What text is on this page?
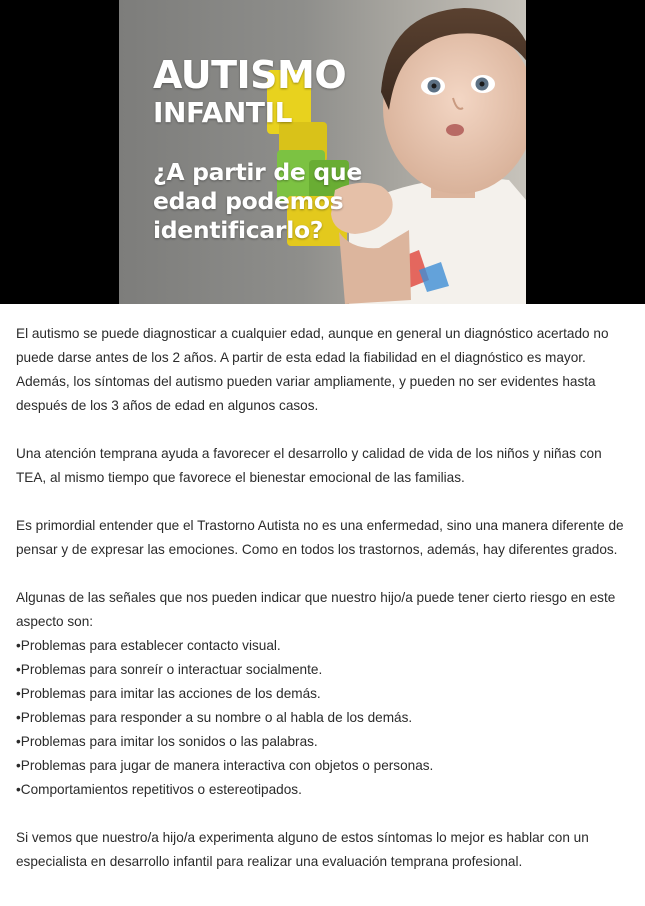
AUTISMO
INFANTIL
¿A partir de que
edad podemos
identificarlo?

El autismo se puede diagnosticar a cualquier edad, aunque en general un diagnóstico acertado no puede darse antes de los 2 años. A partir de esta edad la fiabilidad en el diagnóstico es mayor. Además, los síntomas del autismo pueden variar ampliamente, y pueden no ser evidentes hasta después de los 3 años de edad en algunos casos.

Una atención temprana ayuda a favorecer el desarrollo y calidad de vida de los niños y niñas con TEA, al mismo tiempo que favorece el bienestar emocional de las familias.

Es primordial entender que el Trastorno Autista no es una enfermedad, sino una manera diferente de pensar y de expresar las emociones. Como en todos los trastornos, además, hay diferentes grados.

Algunas de las señales que nos pueden indicar que nuestro hijo/a puede tener cierto riesgo en este aspecto son:
•Problemas para establecer contacto visual.
•Problemas para sonreír o interactuar socialmente.
•Problemas para imitar las acciones de los demás.
•Problemas para responder a su nombre o al habla de los demás.
•Problemas para imitar los sonidos o las palabras.
•Problemas para jugar de manera interactiva con objetos o personas.
•Comportamientos repetitivos o estereotipados.

Si vemos que nuestro/a hijo/a experimenta alguno de estos síntomas lo mejor es hablar con un especialista en desarrollo infantil para realizar una evaluación temprana profesional.
